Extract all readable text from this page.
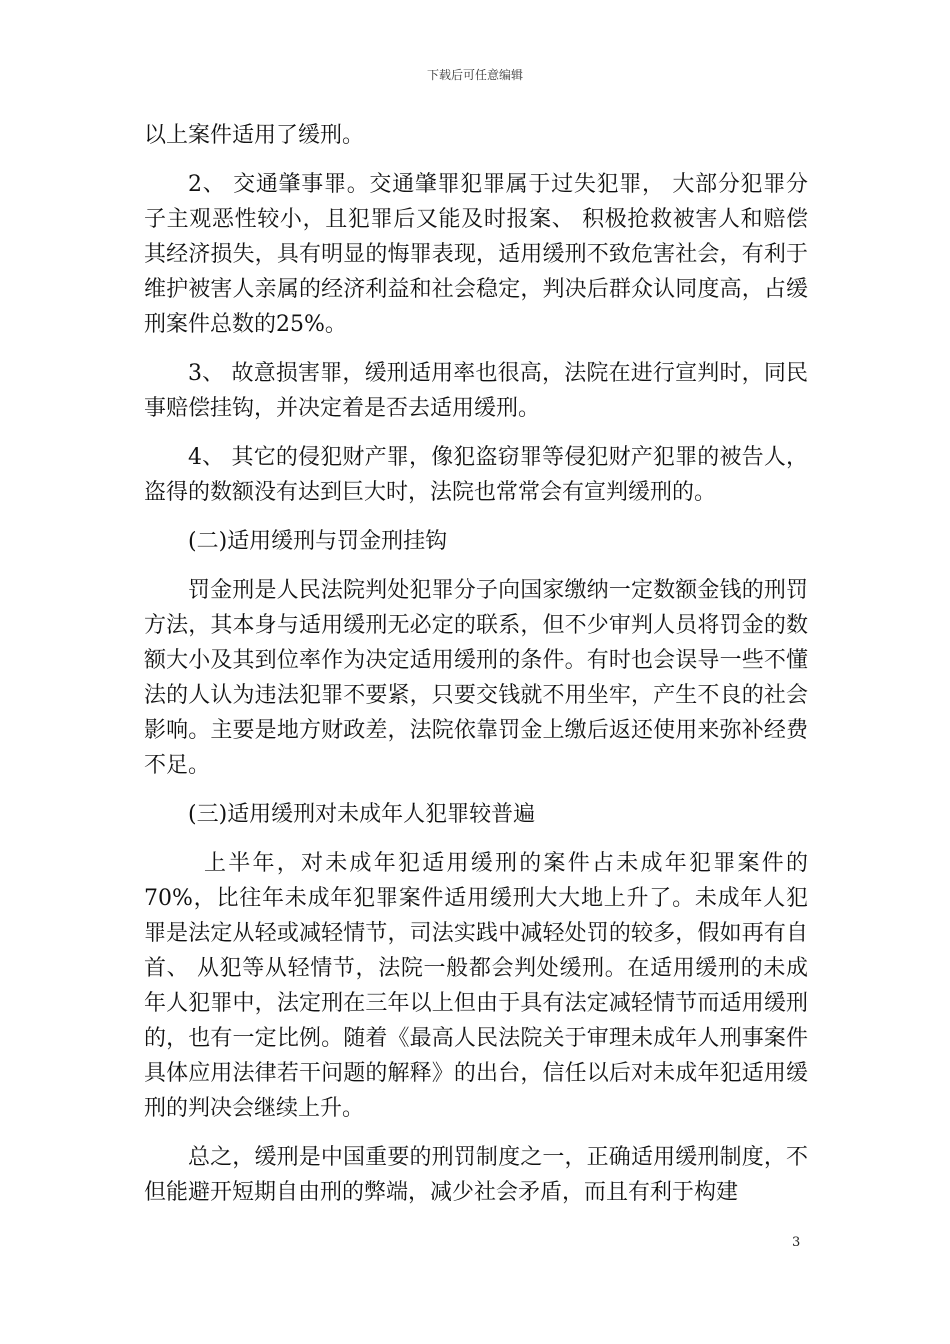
下载后可任意编辑

以上案件适用了缓刑。

2、 交通肇事罪。交通肇罪犯罪属于过失犯罪， 大部分犯罪分子主观恶性较小，且犯罪后又能及时报案、 积极抢救被害人和赔偿其经济损失，具有明显的悔罪表现，适用缓刑不致危害社会，有利于维护被害人亲属的经济利益和社会稳定，判决后群众认同度高，占缓刑案件总数的25%。

3、 故意损害罪，缓刑适用率也很高，法院在进行宣判时，同民事赔偿挂钩，并决定着是否去适用缓刑。

4、 其它的侵犯财产罪，像犯盗窃罪等侵犯财产犯罪的被告人，盗得的数额没有达到巨大时，法院也常常会有宣判缓刑的。

(二)适用缓刑与罚金刑挂钩

罚金刑是人民法院判处犯罪分子向国家缴纳一定数额金钱的刑罚方法，其本身与适用缓刑无必定的联系，但不少审判人员将罚金的数额大小及其到位率作为决定适用缓刑的条件。有时也会误导一些不懂法的人认为违法犯罪不要紧，只要交钱就不用坐牢，产生不良的社会影响。主要是地方财政差，法院依靠罚金上缴后返还使用来弥补经费不足。

(三)适用缓刑对未成年人犯罪较普遍

上半年，对未成年犯适用缓刑的案件占未成年犯罪案件的70%，比往年未成年犯罪案件适用缓刑大大地上升了。未成年人犯罪是法定从轻或减轻情节，司法实践中减轻处罚的较多，假如再有自首、 从犯等从轻情节，法院一般都会判处缓刑。在适用缓刑的未成年人犯罪中，法定刑在三年以上但由于具有法定减轻情节而适用缓刑的，也有一定比例。随着《最高人民法院关于审理未成年人刑事案件具体应用法律若干问题的解释》的出台，信任以后对未成年犯适用缓刑的判决会继续上升。

总之，缓刑是中国重要的刑罚制度之一，正确适用缓刑制度，不但能避开短期自由刑的弊端，减少社会矛盾，而且有利于构建

3
